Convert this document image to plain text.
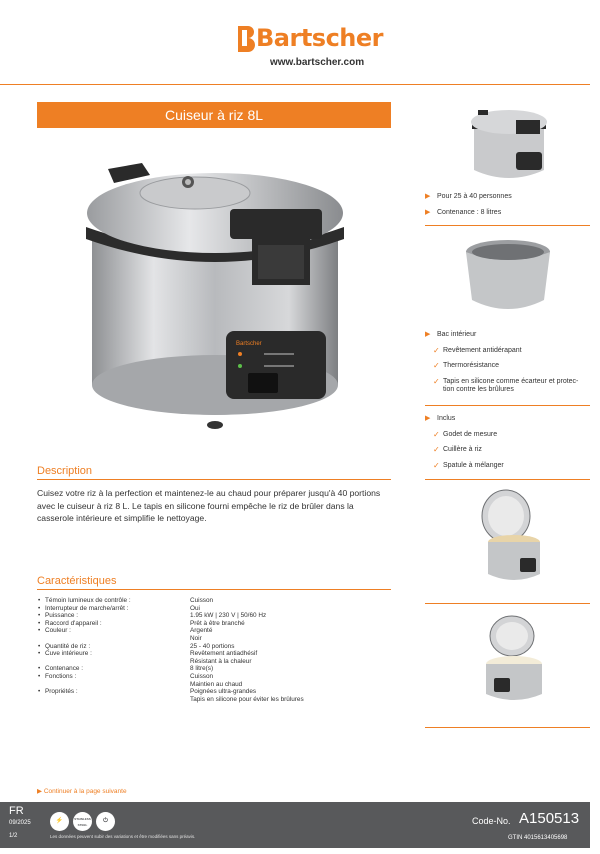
Bartscher
www.bartscher.com
Cuiseur à riz 8L
Bartscher
Description
Cuisez votre riz à la perfection et maintenez-le au chaud pour préparer jusqu'à 40 portions avec le cuiseur à riz 8 L. Le tapis en silicone fourni empêche le riz de brûler dans la casserole intérieure et simplifie le nettoyage.
Caractéristiques
• Témoin lumineux de contrôle :	Cuisson
• Interrupteur de marche/arrêt :	Oui
• Puissance :	1.95 kW | 230 V | 50/60 Hz
• Raccord d'appareil :	Prêt à être branché
• Couleur :	Argenté
Noir
• Quantité de riz :	25 - 40 portions
• Cuve intérieure :	Revêtement antiadhésif
Résistant à la chaleur
• Contenance :	8 litre(s)
• Fonctions :	Cuisson
Maintien au chaud
• Propriétés :	Poignées ultra-grandes
Tapis en silicone pour éviter les brûlures
▶ Pour 25 à 40 personnes
▶ Contenance : 8 litres
▶ Bac intérieur
✓ Revêtement antidérapant
✓ Thermorésistance
✓ Tapis en silicone comme écarteur et protec-
tion contre les brûlures
▶ Inclus
✓ Godet de mesure
✓ Cuillère à riz
✓ Spatule à mélanger
▶ Continuer à la page suivante
FR
09/2025
1/2
⚡	STAINLESS STEEL
⏻
Les données peuvent subir des variations et être modifiées sans préavis.
Code-No. A150513
GTIN 4015613405698
